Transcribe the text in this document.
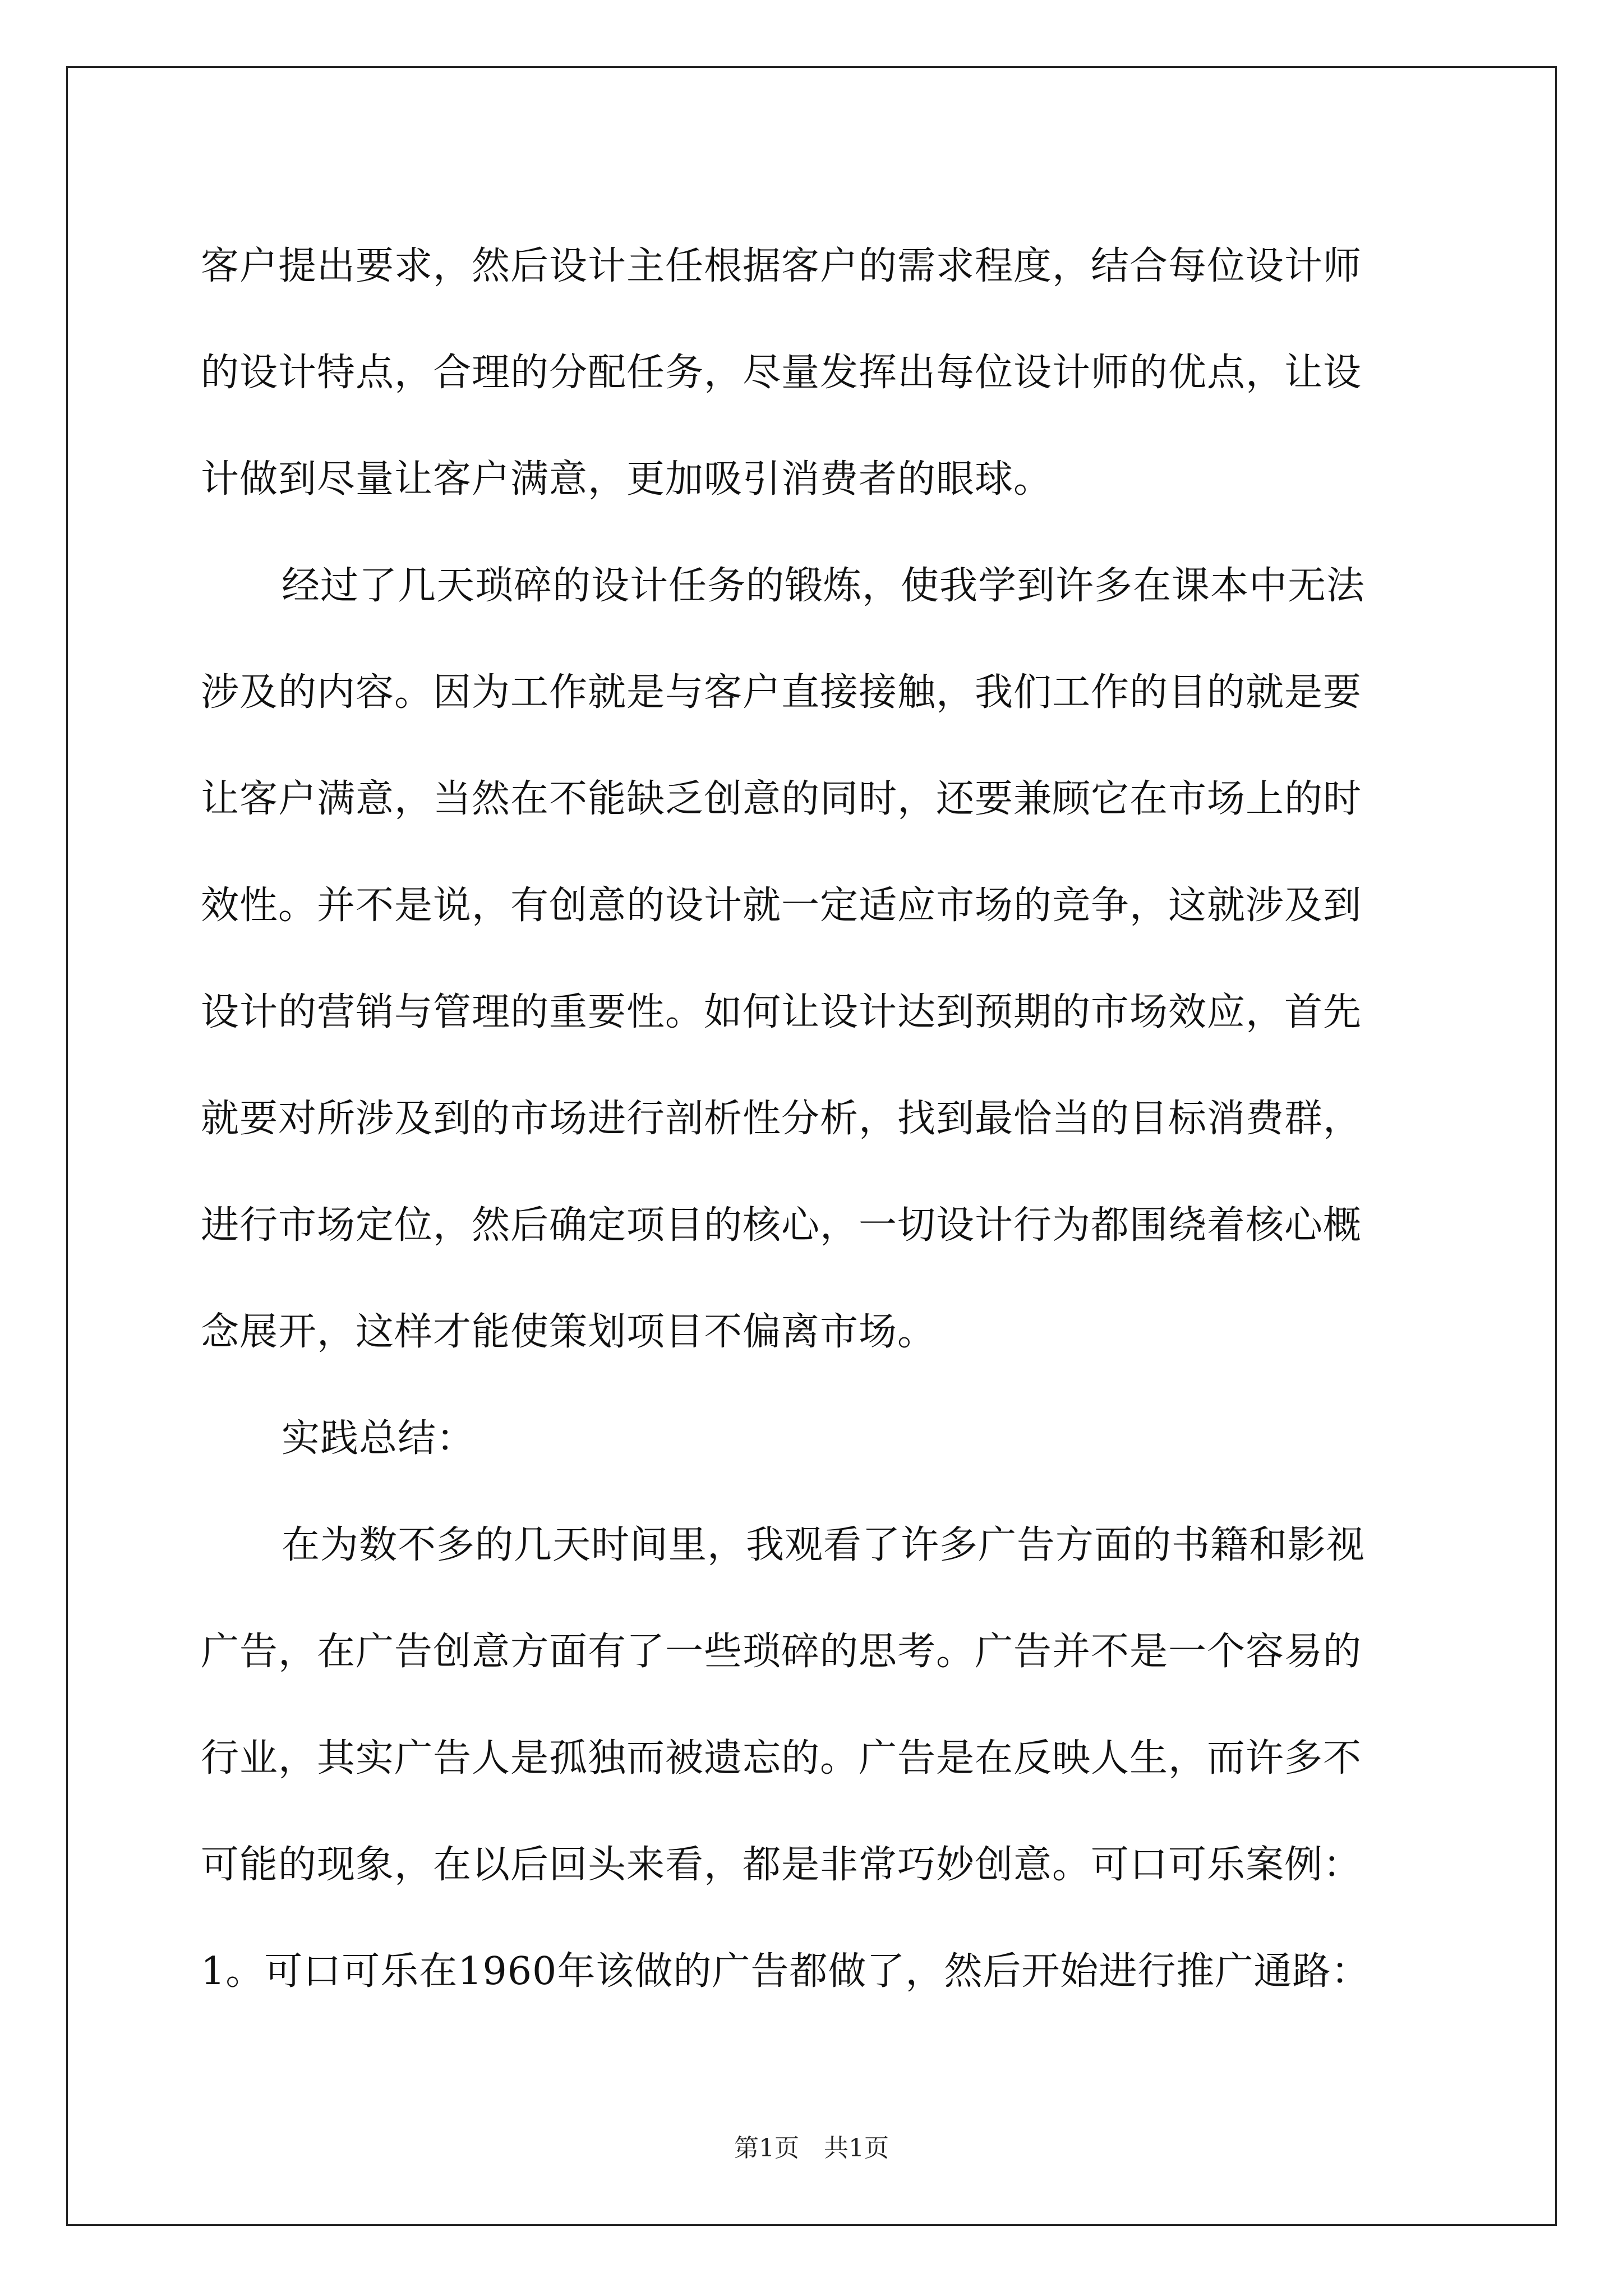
客户提出要求，然后设计主任根据客户的需求程度，结合每位设计师
的设计特点，合理的分配任务，尽量发挥出每位设计师的优点，让设
计做到尽量让客户满意，更加吸引消费者的眼球。
经过了几天琐碎的设计任务的锻炼，使我学到许多在课本中无法
涉及的内容。因为工作就是与客户直接接触，我们工作的目的就是要
让客户满意，当然在不能缺乏创意的同时，还要兼顾它在市场上的时
效性。并不是说，有创意的设计就一定适应市场的竞争，这就涉及到
设计的营销与管理的重要性。如何让设计达到预期的市场效应，首先
就要对所涉及到的市场进行剖析性分析，找到最恰当的目标消费群，
进行市场定位，然后确定项目的核心，一切设计行为都围绕着核心概
念展开，这样才能使策划项目不偏离市场。
实践总结：
在为数不多的几天时间里，我观看了许多广告方面的书籍和影视
广告，在广告创意方面有了一些琐碎的思考。广告并不是一个容易的
行业，其实广告人是孤独而被遗忘的。广告是在反映人生，而许多不
可能的现象，在以后回头来看，都是非常巧妙创意。可口可乐案例：
1。可口可乐在1960年该做的广告都做了，然后开始进行推广通路：
第1页　共1页
